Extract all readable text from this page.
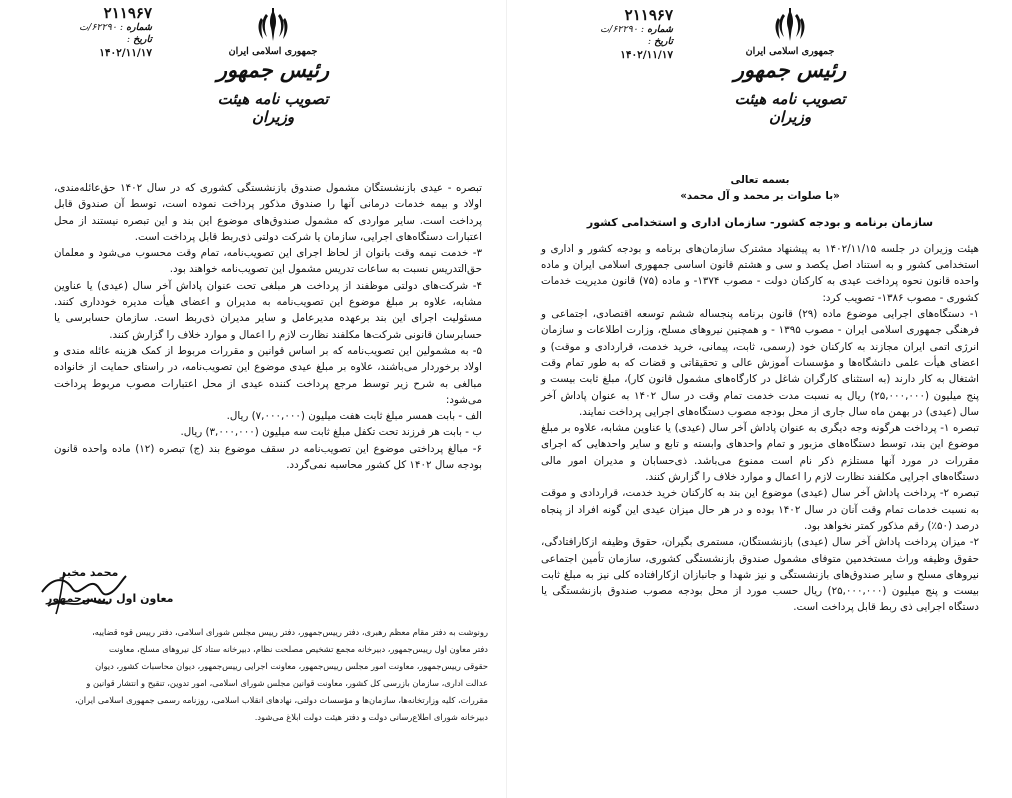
جمهوری اسلامی ایران
رئیس جمهور
تصویب نامه هیئت وزیران
۲۱۱۹۶۷
شماره : ۶۲۲۹۰/ت
تاریخ :
۱۴۰۲/۱۱/۱۷

تبصره - عیدی بازنشستگان مشمول صندوق بازنشستگی کشوری که در سال ۱۴۰۲ حق‌عائله‌مندی، اولاد و بیمه خدمات درمانی آنها را صندوق مذکور پرداخت نموده است، توسط آن صندوق قابل پرداخت است. سایر مواردی که مشمول صندوق‌های موضوع این بند و این تبصره نیستند از محل اعتبارات دستگاه‌های اجرایی، سازمان یا شرکت دولتی ذی‌ربط قابل پرداخت است.

۳- خدمت نیمه وقت بانوان از لحاظ اجرای این تصویب‌نامه، تمام وقت محسوب می‌شود و معلمان حق‌التدریس نسبت به ساعات تدریس مشمول این تصویب‌نامه خواهند بود.

۴- شرکت‌های دولتی موظفند از پرداخت هر مبلغی تحت عنوان پاداش آخر سال (عیدی) یا عناوین مشابه، علاوه بر مبلغ موضوع این تصویب‌نامه به مدیران و اعضای هیأت مدیره خودداری کنند. مسئولیت اجرای این بند برعهده مدیرعامل و سایر مدیران ذی‌ربط است. سازمان حسابرسی یا حسابرسان قانونی شرکت‌ها مکلفند نظارت لازم را اعمال و موارد خلاف را گزارش کنند.

۵- به مشمولین این تصویب‌نامه که بر اساس قوانین و مقررات مربوط از کمک هزینه عائله مندی و اولاد برخوردار می‌باشند، علاوه بر مبلغ عیدی موضوع این تصویب‌نامه، در راستای حمایت از خانواده مبالغی به شرح زیر توسط مرجع پرداخت کننده عیدی از محل اعتبارات مصوب مربوط پرداخت می‌شود:

الف - بابت همسر مبلغ ثابت هفت میلیون (۷,۰۰۰,۰۰۰) ریال.

ب - بابت هر فرزند تحت تکفل مبلغ ثابت سه میلیون (۳,۰۰۰,۰۰۰) ریال.

۶- مبالغ پرداختی موضوع این تصویب‌نامه در سقف موضوع بند (ج) تبصره (۱۲) ماده واحده قانون بودجه سال ۱۴۰۲ کل کشور محاسبه نمی‌گردد.

محمد مخبر
معاون اول رییس‌جمهور

رونوشت به دفتر مقام معظم رهبری، دفتر رییس‌جمهور، دفتر رییس مجلس شورای اسلامی، دفتر رییس قوه قضاییه،

دفتر معاون اول رییس‌جمهور، دبیرخانه مجمع تشخیص مصلحت نظام، دبیرخانه ستاد کل نیروهای مسلح، معاونت

حقوقی رییس‌جمهور، معاونت امور مجلس رییس‌جمهور، معاونت اجرایی رییس‌جمهور، دیوان محاسبات کشور، دیوان

عدالت اداری، سازمان بازرسی کل کشور، معاونت قوانین مجلس شورای اسلامی، امور تدوین، تنقیح و انتشار قوانین و

مقررات، کلیه وزارتخانه‌ها، سازمان‌ها و مؤسسات دولتی، نهادهای انقلاب اسلامی، روزنامه رسمی جمهوری اسلامی ایران،

دبیرخانه شورای اطلاع‌رسانی دولت و دفتر هیئت دولت ابلاغ می‌شود.

جمهوری اسلامی ایران
رئیس جمهور
تصویب نامه هیئت وزیران
۲۱۱۹۶۷
شماره : ۶۲۲۹۰/ت
تاریخ :
۱۴۰۲/۱۱/۱۷

بسمه تعالی

«با صلوات بر محمد و آل محمد»

سازمان برنامه و بودجه کشور- سازمان اداری و استخدامی کشور

هیئت وزیران در جلسه ۱۴۰۲/۱۱/۱۵ به پیشنهاد مشترک سازمان‌های برنامه و بودجه کشور و اداری و استخدامی کشور و به استناد اصل یکصد و سی و هشتم قانون اساسی جمهوری اسلامی ایران و ماده واحده قانون نحوه پرداخت عیدی به کارکنان دولت - مصوب ۱۳۷۴- و ماده (۷۵) قانون مدیریت خدمات کشوری - مصوب ۱۳۸۶- تصویب کرد:

۱- دستگاه‌های اجرایی موضوع ماده (۲۹) قانون برنامه پنجساله ششم توسعه اقتصادی، اجتماعی و فرهنگی جمهوری اسلامی ایران - مصوب ۱۳۹۵ - و همچنین نیروهای مسلح، وزارت اطلاعات و سازمان انرژی اتمی ایران مجازند به کارکنان خود (رسمی، ثابت، پیمانی، خرید خدمت، قراردادی و موقت) و اعضای هیأت علمی دانشگاه‌ها و مؤسسات آموزش عالی و تحقیقاتی و قضات که به طور تمام وقت اشتغال به کار دارند (به استثنای کارگران شاغل در کارگاه‌های مشمول قانون کار)، مبلغ ثابت بیست و پنج میلیون (۲۵,۰۰۰,۰۰۰) ریال به نسبت مدت خدمت تمام وقت در سال ۱۴۰۲ به عنوان پاداش آخر سال (عیدی) در بهمن ماه سال جاری از محل بودجه مصوب دستگاه‌های اجرایی پرداخت نمایند.

تبصره ۱- پرداخت هرگونه وجه دیگری به عنوان پاداش آخر سال (عیدی) یا عناوین مشابه، علاوه بر مبلغ موضوع این بند، توسط دستگاه‌های مزبور و تمام واحدهای وابسته و تابع و سایر واحدهایی که اجرای مقررات در مورد آنها مستلزم ذکر نام است ممنوع می‌باشد. ذی‌حسابان و مدیران امور مالی دستگاه‌های اجرایی مکلفند نظارت لازم را اعمال و موارد خلاف را گزارش کنند.

تبصره ۲- پرداخت پاداش آخر سال (عیدی) موضوع این بند به کارکنان خرید خدمت، قراردادی و موقت به نسبت خدمات تمام وقت آنان در سال ۱۴۰۲ بوده و در هر حال میزان عیدی این گونه افراد از پنجاه درصد (۵۰٪) رقم مذکور کمتر نخواهد بود.

۲- میزان پرداخت پاداش آخر سال (عیدی) بازنشستگان، مستمری بگیران، حقوق وظیفه ازکارافتادگی، حقوق وظیفه وراث مستخدمین متوفای مشمول صندوق بازنشستگی کشوری، سازمان تأمین اجتماعی نیروهای مسلح و سایر صندوق‌های بازنشستگی و نیز شهدا و جانبازان ازکارافتاده کلی نیز به مبلغ ثابت بیست و پنج میلیون (۲۵,۰۰۰,۰۰۰) ریال حسب مورد از محل بودجه مصوب صندوق بازنشستگی یا دستگاه اجرایی ذی ربط قابل پرداخت است.
